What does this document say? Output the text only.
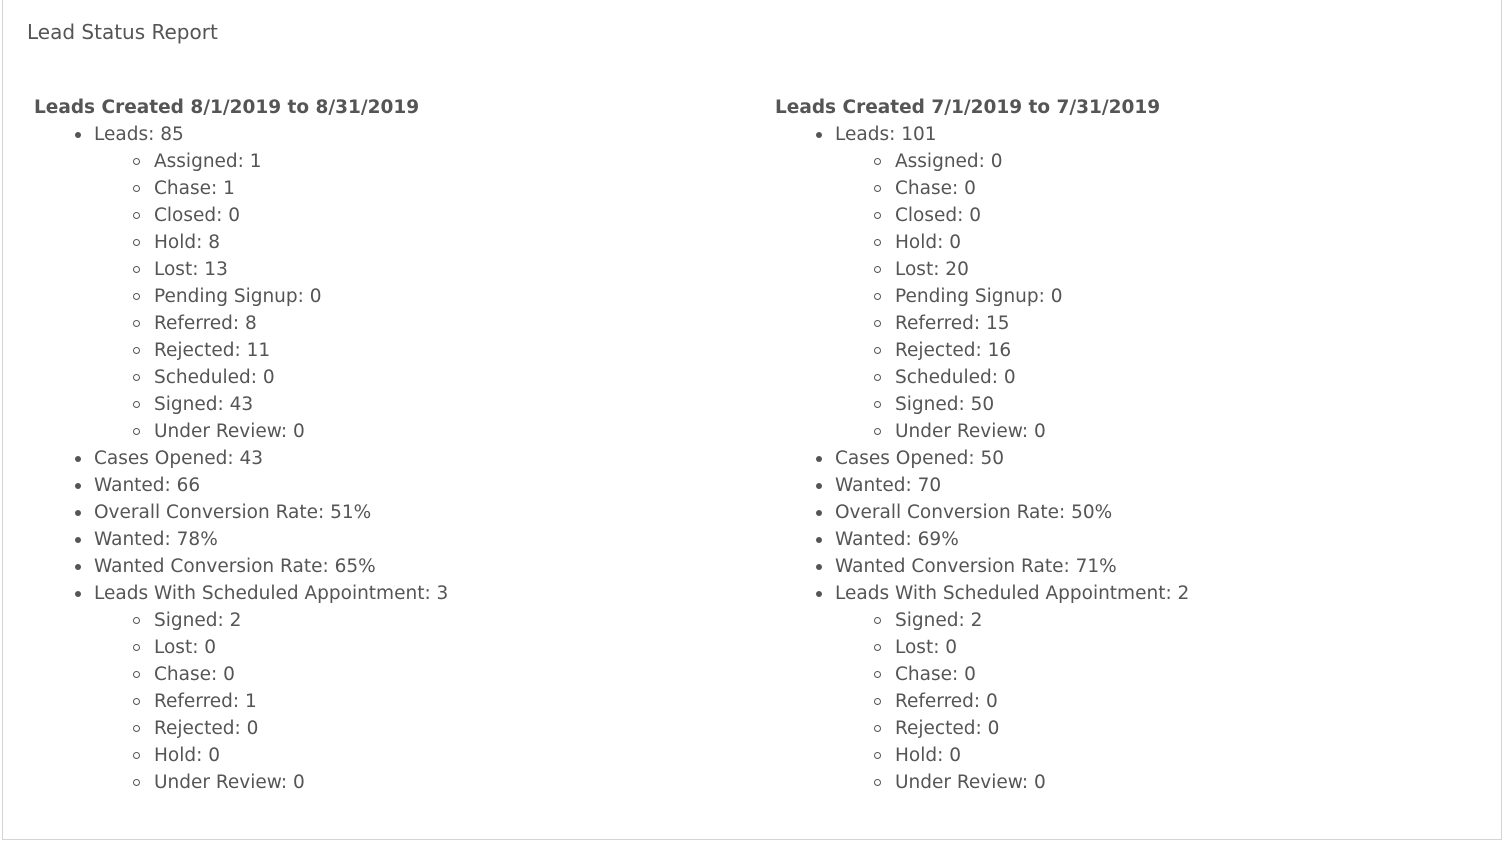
Lead Status Report
Leads Created 8/1/2019 to 8/31/2019
Leads: 85
Assigned: 1
Chase: 1
Closed: 0
Hold: 8
Lost: 13
Pending Signup: 0
Referred: 8
Rejected: 11
Scheduled: 0
Signed: 43
Under Review: 0
Cases Opened: 43
Wanted: 66
Overall Conversion Rate: 51%
Wanted: 78%
Wanted Conversion Rate: 65%
Leads With Scheduled Appointment: 3
Signed: 2
Lost: 0
Chase: 0
Referred: 1
Rejected: 0
Hold: 0
Under Review: 0
Leads Created 7/1/2019 to 7/31/2019
Leads: 101
Assigned: 0
Chase: 0
Closed: 0
Hold: 0
Lost: 20
Pending Signup: 0
Referred: 15
Rejected: 16
Scheduled: 0
Signed: 50
Under Review: 0
Cases Opened: 50
Wanted: 70
Overall Conversion Rate: 50%
Wanted: 69%
Wanted Conversion Rate: 71%
Leads With Scheduled Appointment: 2
Signed: 2
Lost: 0
Chase: 0
Referred: 0
Rejected: 0
Hold: 0
Under Review: 0
